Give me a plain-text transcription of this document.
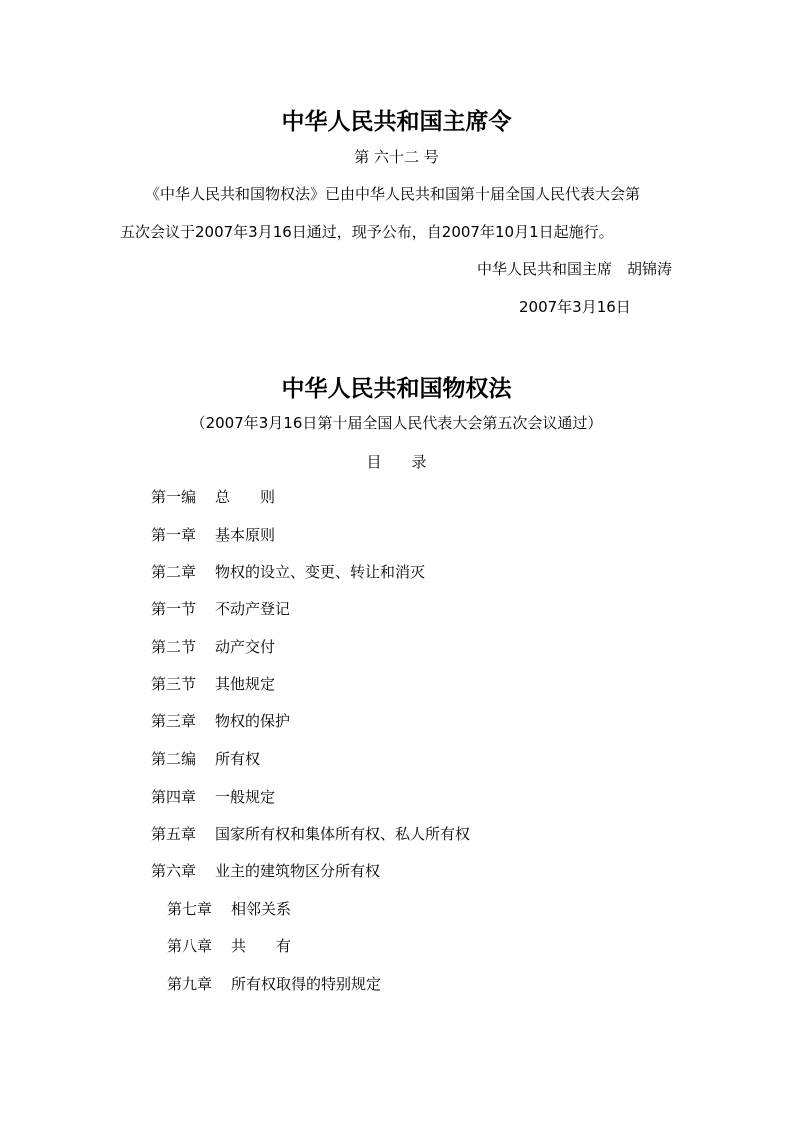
中华人民共和国主席令
第 六十二 号
《中华人民共和国物权法》已由中华人民共和国第十届全国人民代表大会第
五次会议于2007年3月16日通过，现予公布，自2007年10月1日起施行。
中华人民共和国主席　胡锦涛
2007年3月16日
中华人民共和国物权法
（2007年3月16日第十届全国人民代表大会第五次会议通过）
目　　录
第一编 总　　则
第一章 基本原则
第二章 物权的设立、变更、转让和消灭
第一节 不动产登记
第二节 动产交付
第三节 其他规定
第三章 物权的保护
第二编 所有权
第四章 一般规定
第五章 国家所有权和集体所有权、私人所有权
第六章 业主的建筑物区分所有权
第七章 相邻关系
第八章 共　　有
第九章 所有权取得的特别规定
